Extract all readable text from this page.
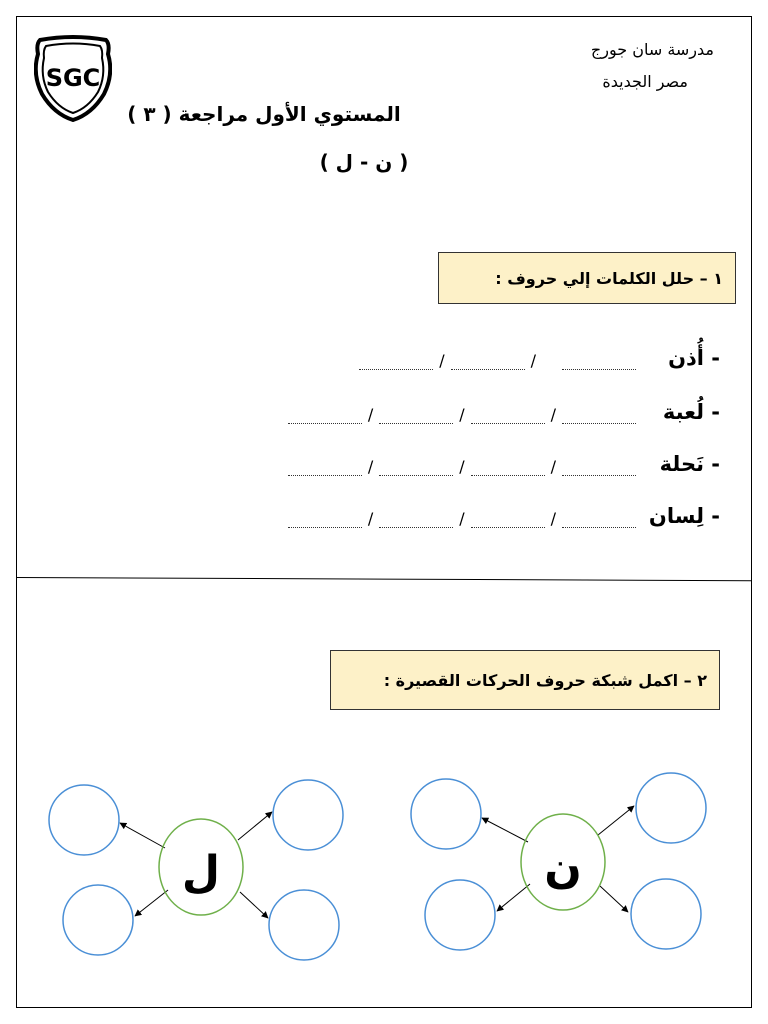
SGC
مدرسة سان جورج
مصر الجديدة
المستوي الأول مراجعة ( ٣ )
( ن - ل )
١ – حلل الكلمات إلي حروف :
- أُذن
/
/
- لُعبة
/
/
/
- نَحلة
/
/
/
- لِسان
/
/
/
٢ – اكمل شبكة حروف الحركات القصيرة :
ل	ن
